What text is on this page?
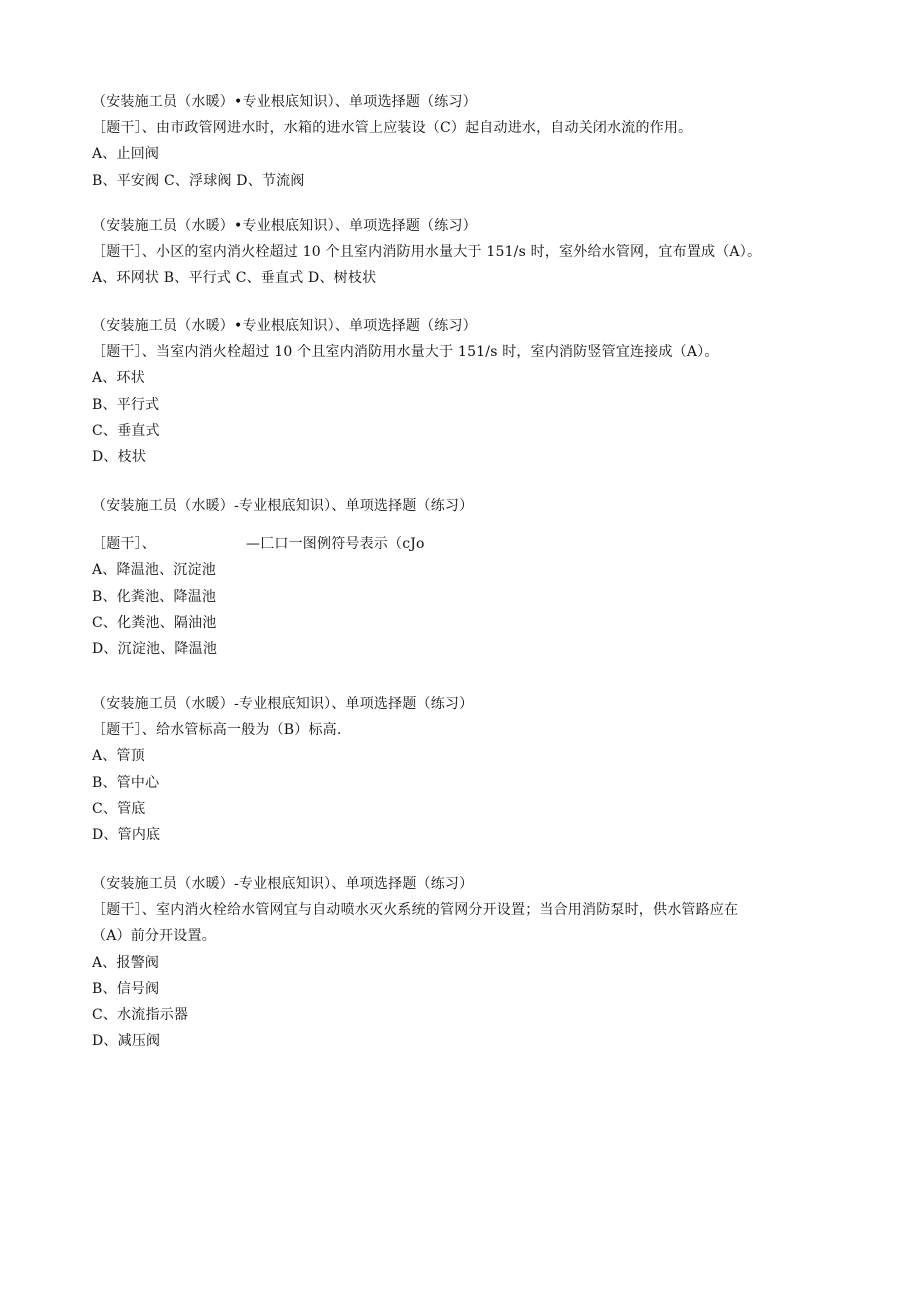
（安装施工员（水暖）•专业根底知识）、单项选择题（练习）
［题干］、由市政管网进水时，水箱的进水管上应装设（C）起自动进水，自动关闭水流的作用。
A、止回阀
B、平安阀 C、浮球阀 D、节流阀
（安装施工员（水暖）•专业根底知识）、单项选择题（练习）
［题干］、小区的室内消火栓超过 10 个且室内消防用水量大于 151/s 时，室外给水管网，宜布置成（A）。
A、环网状 B、平行式 C、垂直式 D、树枝状
（安装施工员（水暖）•专业根底知识）、单项选择题（练习）
［题干］、当室内消火栓超过 10 个且室内消防用水量大于 151/s 时，室内消防竖管宜连接成（A）。
A、环状
B、平行式
C、垂直式
D、枝状
（安装施工员（水暖）-专业根底知识）、单项选择题（练习）
［题干］、	—匚口一图例符号表示（cJo
A、降温池、沉淀池
B、化粪池、降温池
C、化粪池、隔油池
D、沉淀池、降温池
（安装施工员（水暖）-专业根底知识）、单项选择题（练习）
［题干］、给水管标高一般为（B）标高.
A、管顶
B、管中心
C、管底
D、管内底
（安装施工员（水暖）-专业根底知识）、单项选择题（练习）
［题干］、室内消火栓给水管网宜与自动喷水灭火系统的管网分开设置；当合用消防泵时，供水管路应在
（A）前分开设置。
A、报警阀
B、信号阀
C、水流指示器
D、减压阀
